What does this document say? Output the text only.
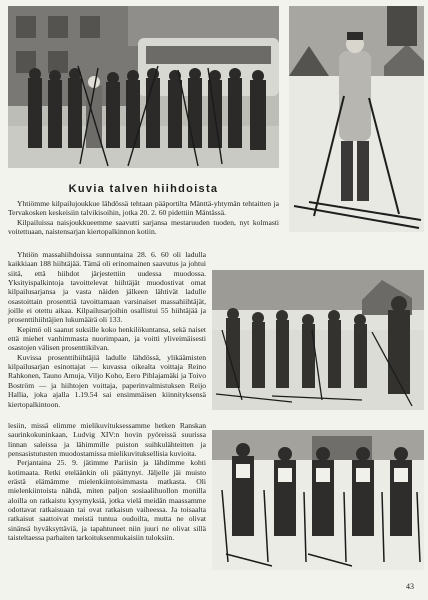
Kuvia talven hiihdoista

Yhtiömme kilpailujoukkue lähdössä tehtaan pääportilta Mänttä-yhtymän tehtaitten ja Tervakosken keskeisiin talvikisoihin, jotka 20. 2. 60 pidettiin Mäntässä.

Kilpailuissa naisjoukkueemme saavutti sarjansa mestaruuden tuoden, nyt kolmasti voitettuaan, naistensarjan kiertopalkinnon kotiin.

Yhtiön massahiihdoissa sunnuntaina 28. 6. 60 oli ladulla kaikkiaan 188 hiihtäjää. Tämä oli erinomainen saavutus ja johtui siitä, että hiihdot järjestettiin uudessa muodossa. Yksityispalkintoja tavoittelevat hiihtäjät muodostivat omat kilpailusarjansa ja vasta näiden jälkeen lähtivät ladulle osastoittain prosenttiä tavoittamaan varsinaiset massahiihtäjät, joille ei otettu aikaa. Kilpailusarjoihin osallistui 55 hiihtäjää ja prosenttihiihtäjien lukumäärä oli 133.

Kepimö oli saanut suksille koko henkilökuntansa, sekä naiset että miehet vanhimmasta nuorimpaan, ja voitti yliveimäisesti osastojen välisen prosenttikilvan.

Kuvissa prosenttihiihtäjiä ladulle lähdössä, ylikäämisten kilpailusarjan esinottajat — kuvassa oikealta voittaja Reino Rahkonen, Tauno Amuja, Viljo Koho, Eero Pihlajamäki ja Toivo Boström — ja hiihtojen voittaja, paperinvalmistuksen Reijo Hallia, joka ajalla 1.19.54 sai ensimmäisen kiinnityksensä kiertopalkintoon.

lesiin, missä elimme mielikuvituksessamme hetken Ranskan saurinkokuninkaan, Ludvig XIV:n hovin pyöreissä suurissa linnan saleissa ja lähimmille puiston suihkulähteitten ja pensasistutusten muodostamissa mielikuvituksellisia kuvioita.

Perjantaina 25. 9. jätimme Pariisin ja lähdimme kohti kotimaata. Retki eteläänkin oli päättynyt. Jäljelle jäi muisto erästä elämämme mielenkiintoisimmasta matkasta. Oli mielenkiintoista nähdä, miten paljon sosiaalihuollon monilla aloilla on ratkaistu kysymyksiä, jotka vielä meidän maassamme odottavat ratkaisuaan tai ovat ratkaisun vaiheessa. Ja toisaalta ratkaisut saattoivat meistä tuntua oudoilta, mutta ne olivat sinänsä hyväksyttäviä, ja tapahtuneet niin juuri ne olivat sillä taisteltaessa parhaiten tarkoituksenmukaisiin tuloksiin.

43
